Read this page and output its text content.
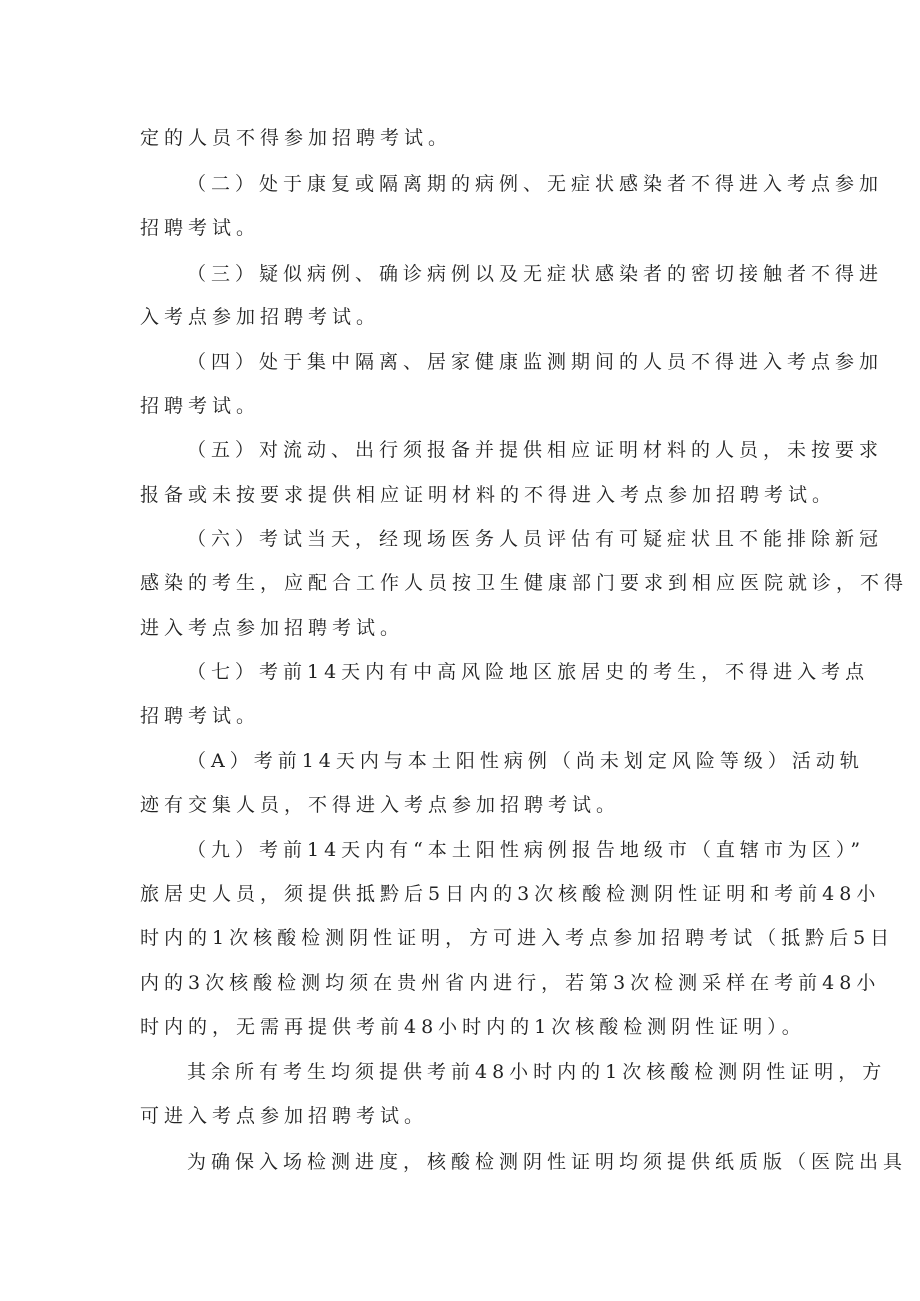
定的人员不得参加招聘考试。
（二）处于康复或隔离期的病例、无症状感染者不得进入考点参加
招聘考试。
（三）疑似病例、确诊病例以及无症状感染者的密切接触者不得进
入考点参加招聘考试。
（四）处于集中隔离、居家健康监测期间的人员不得进入考点参加
招聘考试。
（五）对流动、出行须报备并提供相应证明材料的人员，未按要求
报备或未按要求提供相应证明材料的不得进入考点参加招聘考试。
（六）考试当天，经现场医务人员评估有可疑症状且不能排除新冠
感染的考生，应配合工作人员按卫生健康部门要求到相应医院就诊，不得
进入考点参加招聘考试。
（七）考前14天内有中高风险地区旅居史的考生，不得进入考点
招聘考试。
（A）考前14天内与本土阳性病例（尚未划定风险等级）活动轨
迹有交集人员，不得进入考点参加招聘考试。
（九）考前14天内有“本土阳性病例报告地级市（直辖市为区）”
旅居史人员，须提供抵黔后5日内的3次核酸检测阴性证明和考前48小
时内的1次核酸检测阴性证明，方可进入考点参加招聘考试（抵黔后5日
内的3次核酸检测均须在贵州省内进行，若第3次检测采样在考前48小
时内的，无需再提供考前48小时内的1次核酸检测阴性证明）。
其余所有考生均须提供考前48小时内的1次核酸检测阴性证明，方
可进入考点参加招聘考试。
为确保入场检测进度，核酸检测阴性证明均须提供纸质版（医院出具
